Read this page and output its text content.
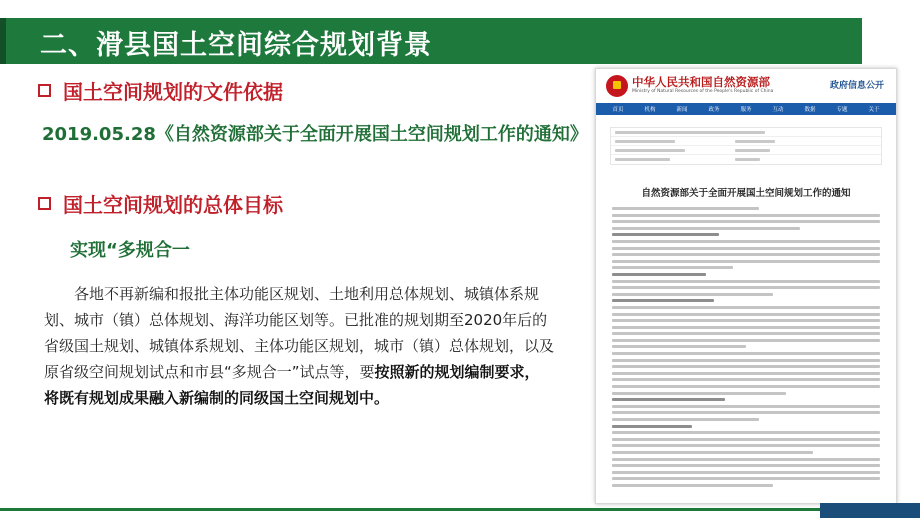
二、滑县国土空间综合规划背景
国土空间规划的文件依据
2019.05.28《自然资源部关于全面开展国土空间规划工作的通知》
国土空间规划的总体目标
实现“多规合一

各地不再新编和报批主体功能区规划、土地利用总体规划、城镇体系规划、城市（镇）总体规划、海洋功能区划等。已批准的规划期至2020年后的省级国土规划、城镇体系规划、主体功能区规划，城市（镇）总体规划，以及原省级空间规划试点和市县“多规合一”试点等，要按照新的规划编制要求，将既有规划成果融入新编制的同级国土空间规划中。

中华人民共和国自然资源部
Ministry of Natural Resources of the People's Republic of China
政府信息公开
首页	机构	新闻	政务	服务	互动	数据	专题	关于
自然资源部关于全面开展国土空间规划工作的通知
